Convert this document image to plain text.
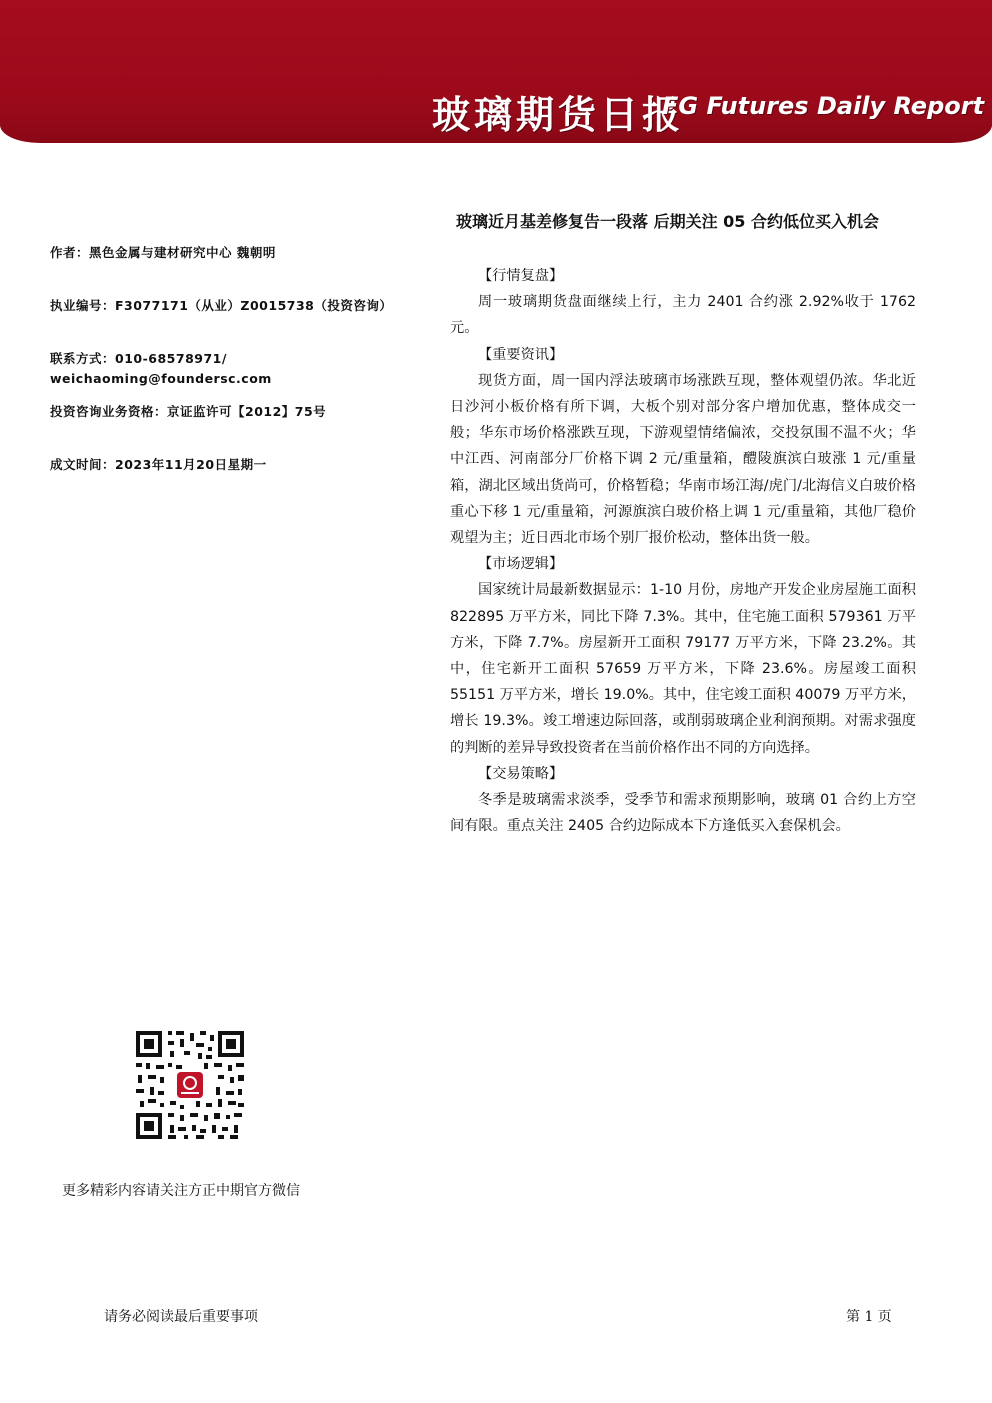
玻璃期货日报
FG Futures Daily Report
玻璃近月基差修复告一段落 后期关注 05 合约低位买入机会
作者：黑色金属与建材研究中心 魏朝明
执业编号：F3077171（从业）Z0015738（投资咨询）
联系方式：010-68578971/ weichaoming@foundersc.com
投资咨询业务资格：京证监许可【2012】75号
成文时间：2023年11月20日星期一
【行情复盘】

周一玻璃期货盘面继续上行，主力 2401 合约涨 2.92%收于 1762 元。

【重要资讯】

现货方面，周一国内浮法玻璃市场涨跌互现，整体观望仍浓。华北近日沙河小板价格有所下调，大板个别对部分客户增加优惠，整体成交一般；华东市场价格涨跌互现，下游观望情绪偏浓，交投氛围不温不火；华中江西、河南部分厂价格下调 2 元/重量箱，醴陵旗滨白玻涨 1 元/重量箱，湖北区域出货尚可，价格暂稳；华南市场江海/虎门/北海信义白玻价格重心下移 1 元/重量箱，河源旗滨白玻价格上调 1 元/重量箱，其他厂稳价观望为主；近日西北市场个别厂报价松动，整体出货一般。

【市场逻辑】

国家统计局最新数据显示：1-10 月份，房地产开发企业房屋施工面积 822895 万平方米，同比下降 7.3%。其中，住宅施工面积 579361 万平方米，下降 7.7%。房屋新开工面积 79177 万平方米，下降 23.2%。其中，住宅新开工面积 57659 万平方米，下降 23.6%。房屋竣工面积 55151 万平方米，增长 19.0%。其中，住宅竣工面积 40079 万平方米，增长 19.3%。竣工增速边际回落，或削弱玻璃企业利润预期。对需求强度的判断的差异导致投资者在当前价格作出不同的方向选择。

【交易策略】

冬季是玻璃需求淡季，受季节和需求预期影响，玻璃 01 合约上方空间有限。重点关注 2405 合约边际成本下方逢低买入套保机会。

更多精彩内容请关注方正中期官方微信
请务必阅读最后重要事项	第 1 页
